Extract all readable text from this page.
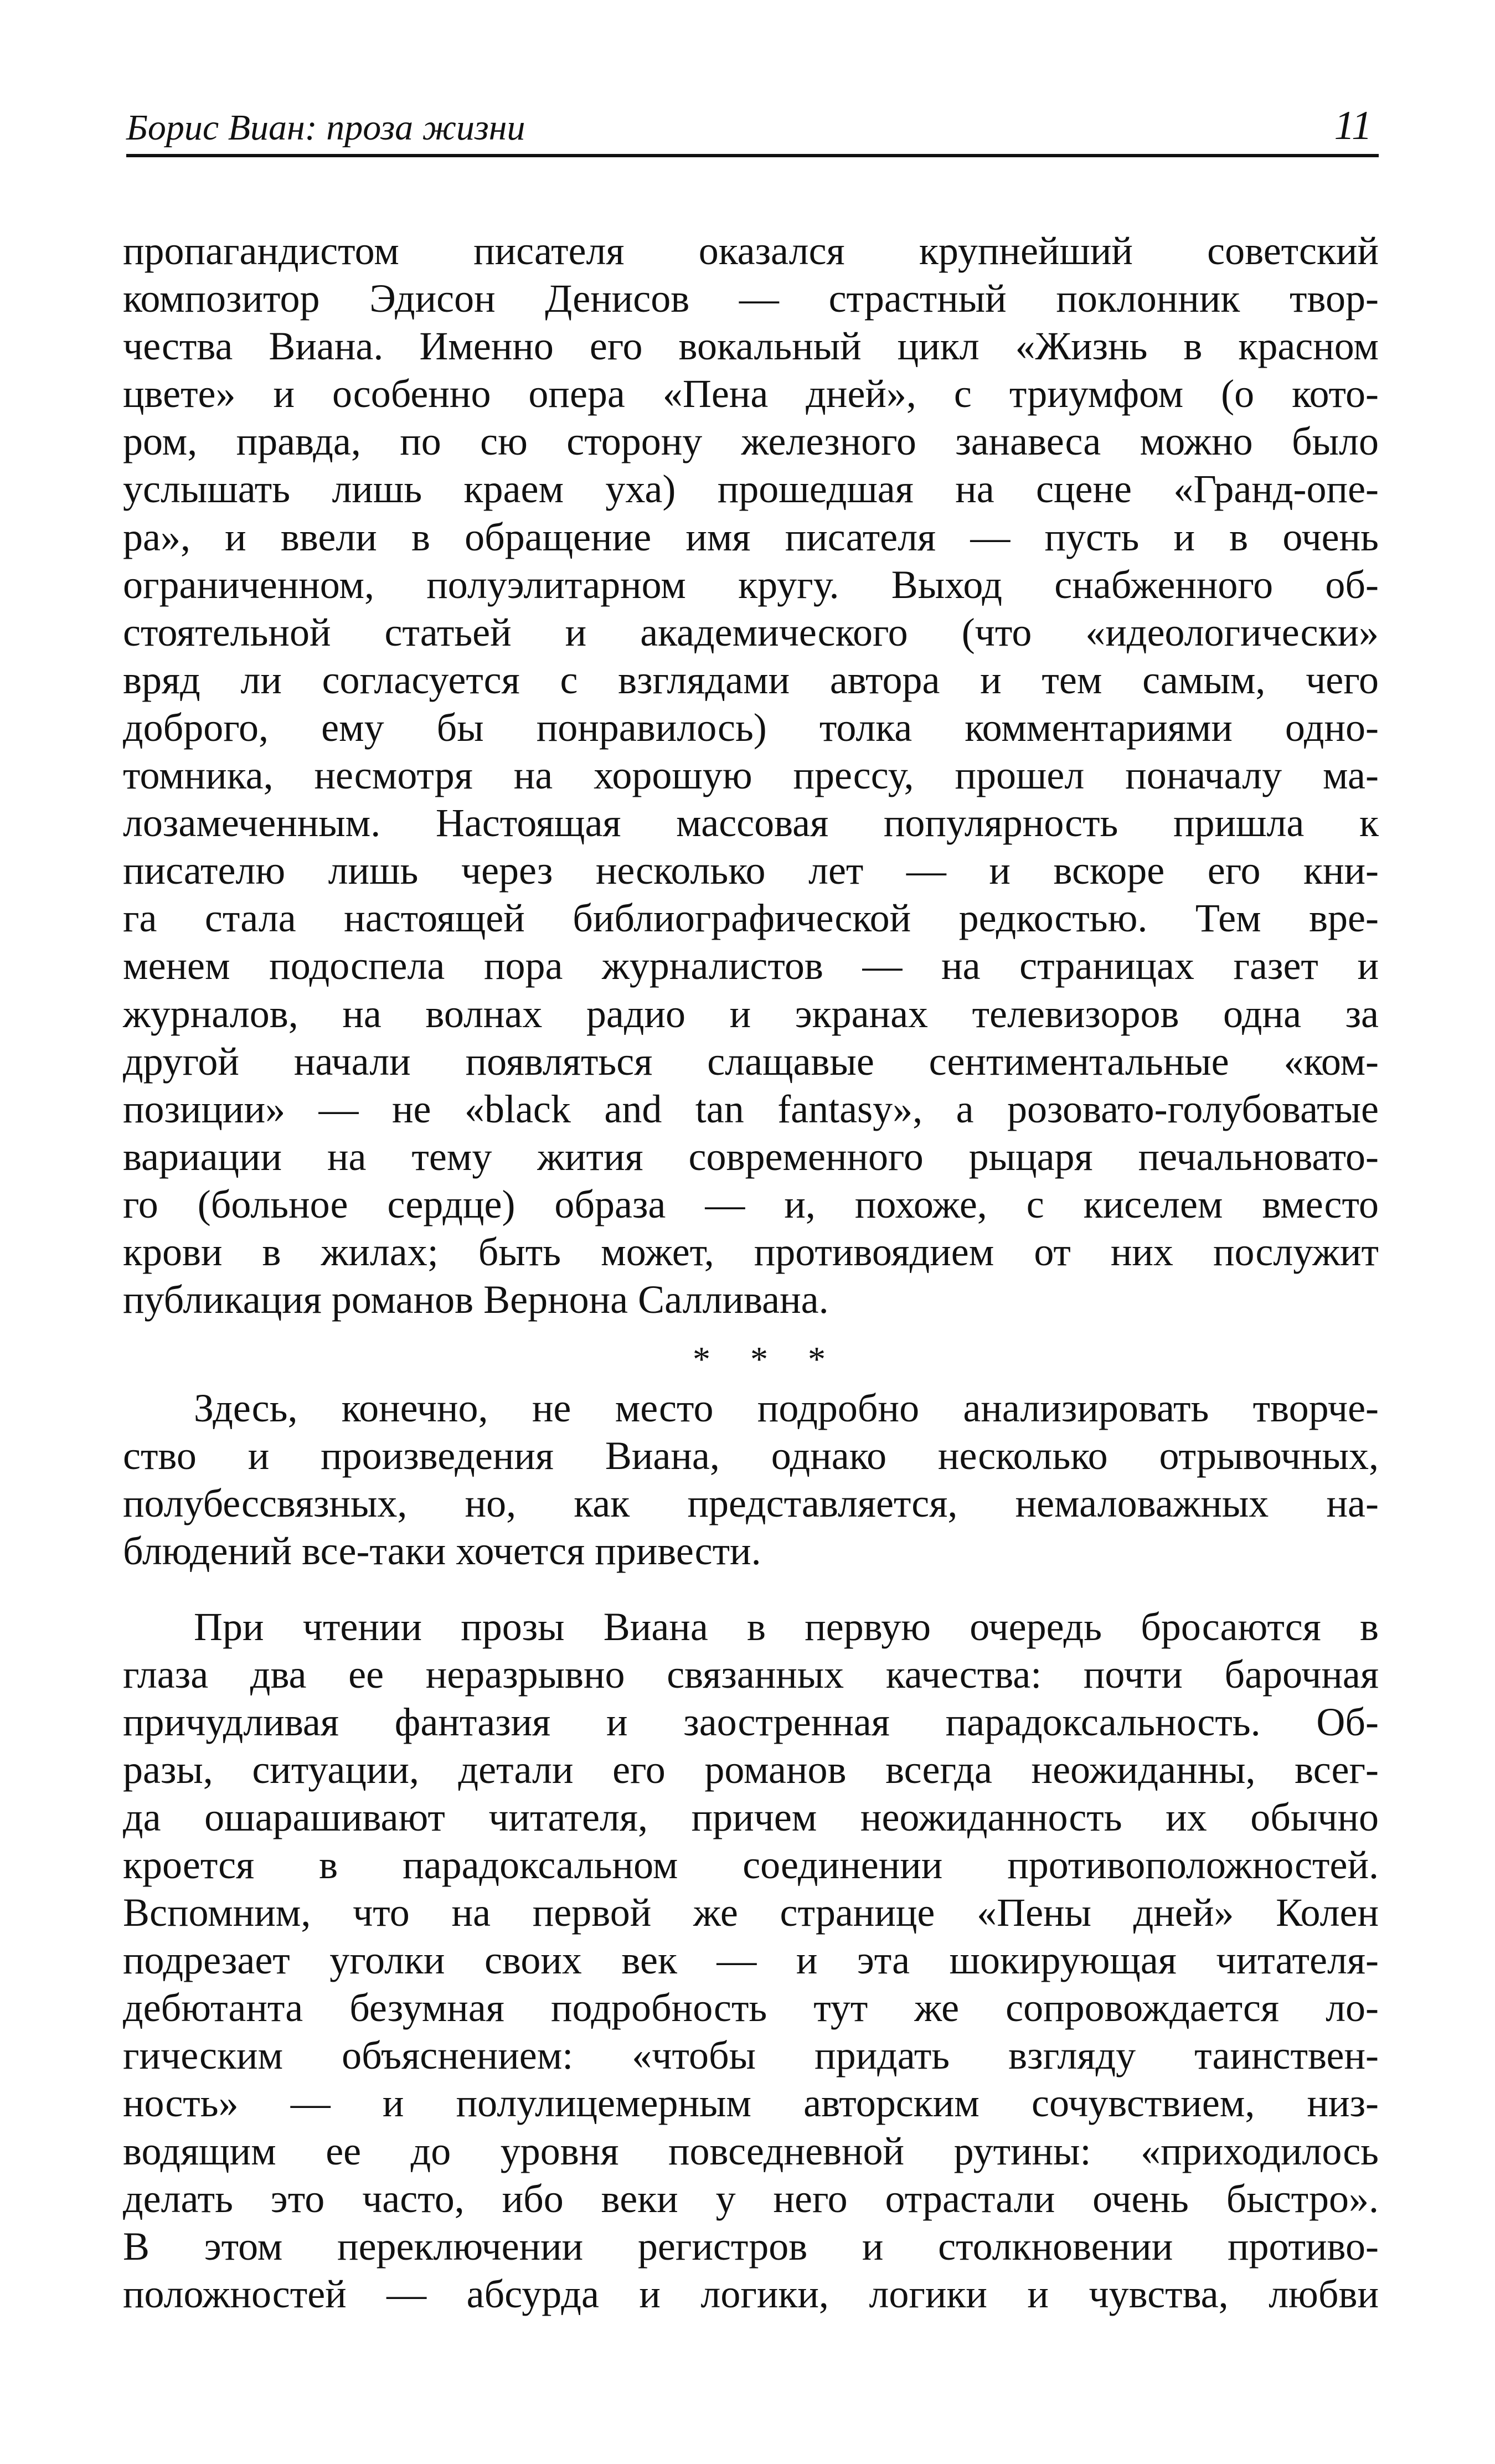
Борис Виан: проза жизни	11
пропагандистом писателя оказался крупнейший советский
композитор Эдисон Денисов — страстный поклонник твор-
чества Виана. Именно его вокальный цикл «Жизнь в красном
цвете» и особенно опера «Пена дней», с триумфом (о кото-
ром, правда, по сю сторону железного занавеса можно было
услышать лишь краем уха) прошедшая на сцене «Гранд-опе-
ра», и ввели в обращение имя писателя — пусть и в очень
ограниченном, полуэлитарном кругу. Выход снабженного об-
стоятельной статьей и академического (что «идеологически»
вряд ли согласуется с взглядами автора и тем самым, чего
доброго, ему бы понравилось) толка комментариями одно-
томника, несмотря на хорошую прессу, прошел поначалу ма-
лозамеченным. Настоящая массовая популярность пришла к
писателю лишь через несколько лет — и вскоре его кни-
га стала настоящей библиографической редкостью. Тем вре-
менем подоспела пора журналистов — на страницах газет и
журналов, на волнах радио и экранах телевизоров одна за
другой начали появляться слащавые сентиментальные «ком-
позиции» — не «black and tan fantasy», а розовато-голубоватые
вариации на тему жития современного рыцаря печальновато-
го (больное сердце) образа — и, похоже, с киселем вместо
крови в жилах; быть может, противоядием от них послужит
публикация романов Вернона Салливана.
* * *
Здесь, конечно, не место подробно анализировать творче-
ство и произведения Виана, однако несколько отрывочных,
полубессвязных, но, как представляется, немаловажных на-
блюдений все-таки хочется привести.
При чтении прозы Виана в первую очередь бросаются в
глаза два ее неразрывно связанных качества: почти барочная
причудливая фантазия и заостренная парадоксальность. Об-
разы, ситуации, детали его романов всегда неожиданны, всег-
да ошарашивают читателя, причем неожиданность их обычно
кроется в парадоксальном соединении противоположностей.
Вспомним, что на первой же странице «Пены дней» Колен
подрезает уголки своих век — и эта шокирующая читателя-
дебютанта безумная подробность тут же сопровождается ло-
гическим объяснением: «чтобы придать взгляду таинствен-
ность» — и полулицемерным авторским сочувствием, низ-
водящим ее до уровня повседневной рутины: «приходилось
делать это часто, ибо веки у него отрастали очень быстро».
В этом переключении регистров и столкновении противо-
положностей — абсурда и логики, логики и чувства, любви
